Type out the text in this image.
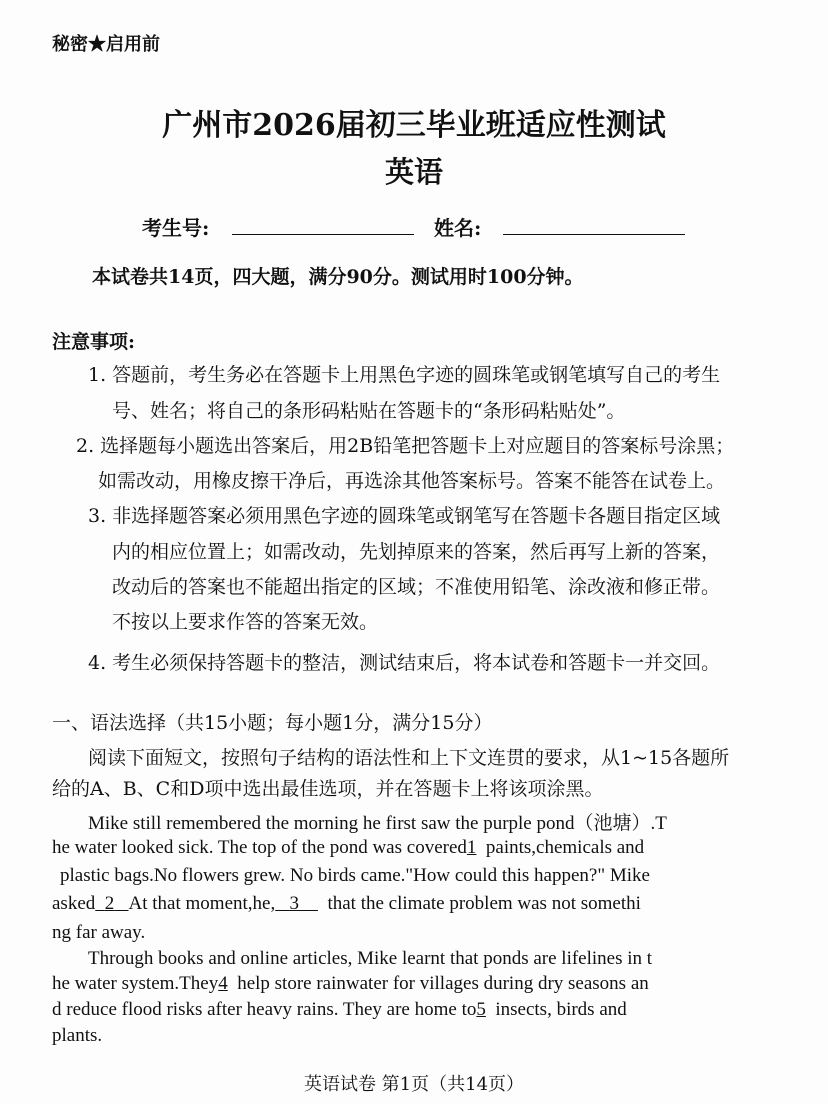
秘密★启用前
广州市2026届初三毕业班适应性测试
英语
考生号:	姓名:
本试卷共14页，四大题，满分90分。测试用时100分钟。
注意事项:
1. 答题前，考生务必在答题卡上用黑色字迹的圆珠笔或钢笔填写自己的考生
号、姓名；将自己的条形码粘贴在答题卡的“条形码粘贴处”。
2. 选择题每小题选出答案后，用2B铅笔把答题卡上对应题目的答案标号涂黑；
如需改动，用橡皮擦干净后，再选涂其他答案标号。答案不能答在试卷上。
3. 非选择题答案必须用黑色字迹的圆珠笔或钢笔写在答题卡各题目指定区域
内的相应位置上；如需改动，先划掉原来的答案，然后再写上新的答案，
改动后的答案也不能超出指定的区域；不准使用铅笔、涂改液和修正带。
不按以上要求作答的答案无效。
4. 考生必须保持答题卡的整洁，测试结束后，将本试卷和答题卡一并交回。
一、语法选择（共15小题；每小题1分，满分15分）
阅读下面短文，按照句子结构的语法性和上下文连贯的要求，从1~15各题所
给的A、B、C和D项中选出最佳选项，并在答题卡上将该项涂黑。
Mike still remembered the morning he first saw the purple pond（池塘）.T
he water looked sick. The top of the pond was covered1 paints,chemicals and
plastic bags.No flowers grew. No birds came."How could this happen?" Mike
asked 2 At that moment,he, 3 that the climate problem was not somethi
ng far away.
Through books and online articles, Mike learnt that ponds are lifelines in t
he water system.They4 help store rainwater for villages during dry seasons an
d reduce flood risks after heavy rains. They are home to5 insects, birds and
plants.
英语试卷 第1页（共14页）
